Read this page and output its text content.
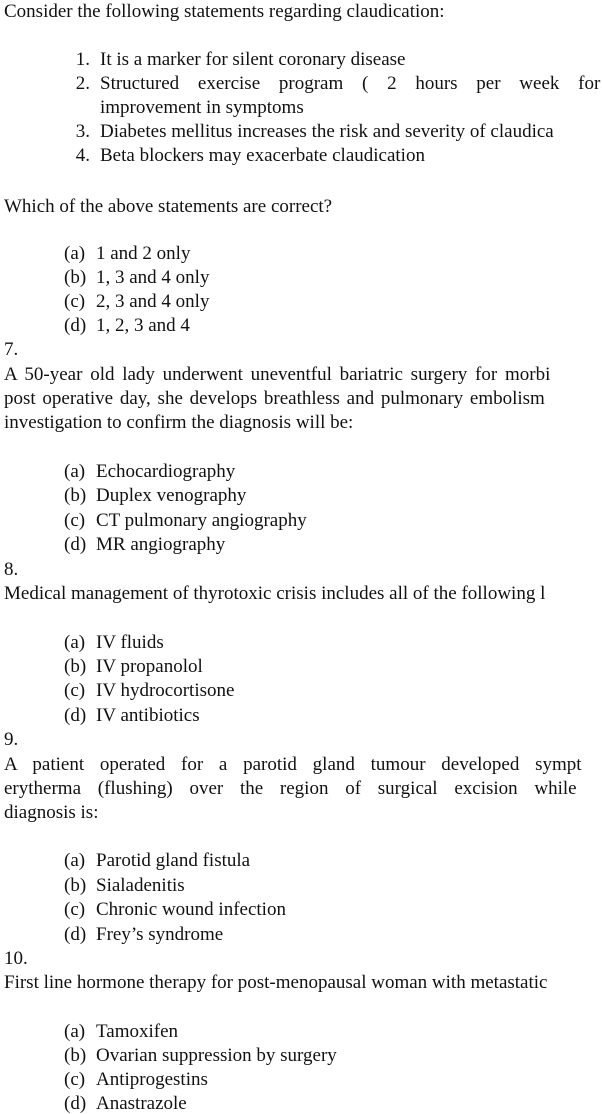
Consider the following statements regarding claudication:
1. It is a marker for silent coronary disease
2. Structured exercise program ( 2 hours per week for
improvement in symptoms
3. Diabetes mellitus increases the risk and severity of claudica
4. Beta blockers may exacerbate claudication
Which of the above statements are correct?
(a) 1 and 2 only
(b) 1, 3 and 4 only
(c) 2, 3 and 4 only
(d) 1, 2, 3 and 4
7.
A 50-year old lady underwent uneventful bariatric surgery for morbi
post operative day, she develops breathless and pulmonary embolism
investigation to confirm the diagnosis will be:
(a) Echocardiography
(b) Duplex venography
(c) CT pulmonary angiography
(d) MR angiography
8.
Medical management of thyrotoxic crisis includes all of the following l
(a) IV fluids
(b) IV propanolol
(c) IV hydrocortisone
(d) IV antibiotics
9.
A patient operated for a parotid gland tumour developed sympt
erytherma (flushing) over the region of surgical excision while
diagnosis is:
(a) Parotid gland fistula
(b) Sialadenitis
(c) Chronic wound infection
(d) Frey’s syndrome
10.
First line hormone therapy for post-menopausal woman with metastatic
(a) Tamoxifen
(b) Ovarian suppression by surgery
(c) Antiprogestins
(d) Anastrazole
